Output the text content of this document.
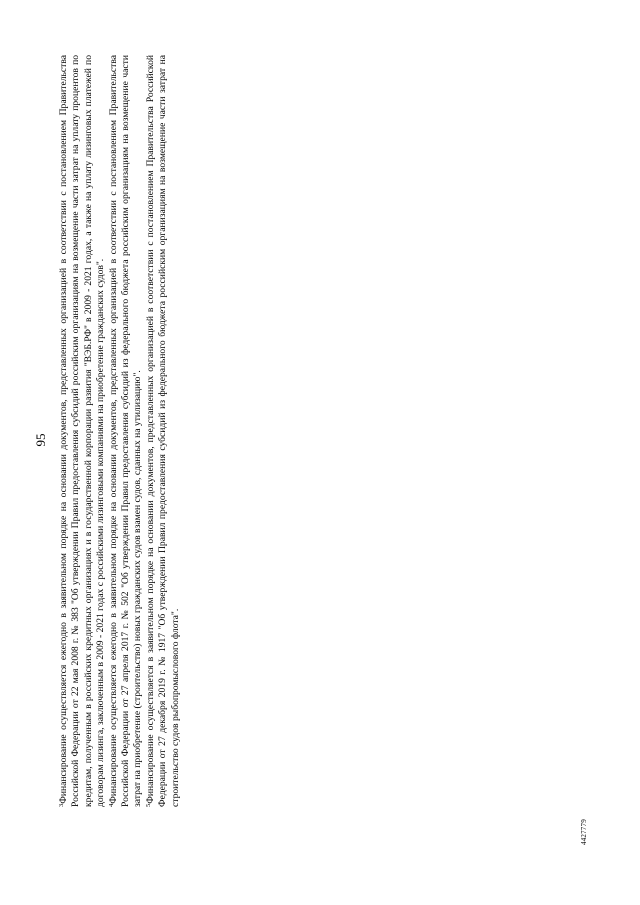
95

$^3$Финансирование осуществляется ежегодно в заявительном порядке на основании документов, представленных организацией в соответствии с постановлением Правительства Российской Федерации от 22 мая 2008 г. № 383 "Об утверждении Правил предоставления субсидий российским организациям на возмещение части затрат на уплату процентов по кредитам, полученным в российских кредитных организациях и в государственной корпорации развития "ВЭБ.РФ" в 2009 - 2021 годах, а также на уплату лизинговых платежей по договорам лизинга, заключенным в 2009 - 2021 годах с российскими лизинговыми компаниями на приобретение гражданских судов". $^4$Финансирование осуществляется ежегодно в заявительном порядке на основании документов, представленных организацией в соответствии с постановлением Правительства Российской Федерации от 27 апреля 2017 г. № 502 "Об утверждении Правил предоставления субсидий из федерального бюджета российским организациям на возмещение части затрат на приобретение (строительство) новых гражданских судов взамен судов, сданных на утилизацию". $^5$Финансирование осуществляется в заявительном порядке на основании документов, представленных организацией в соответствии с постановлением Правительства Российской Федерации от 27 декабря 2019 г. № 1917 "Об утверждении Правил предоставления субсидий из федерального бюджета российским организациям на возмещение части затрат на строительство судов рыбопромыслового флота".

4427779
